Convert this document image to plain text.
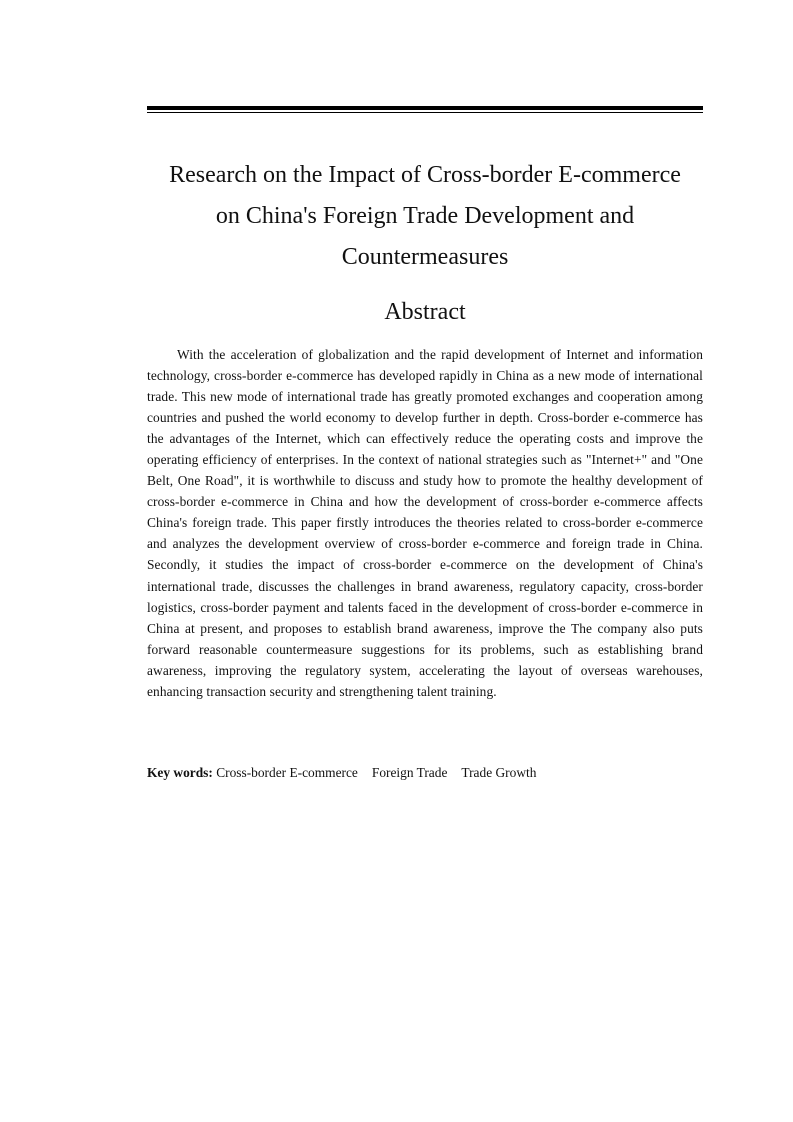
Research on the Impact of Cross-border E-commerce
on China's Foreign Trade Development and
Countermeasures
Abstract

With the acceleration of globalization and the rapid development of Internet and information technology, cross-border e-commerce has developed rapidly in China as a new mode of international trade. This new mode of international trade has greatly promoted exchanges and cooperation among countries and pushed the world economy to develop further in depth. Cross-border e-commerce has the advantages of the Internet, which can effectively reduce the operating costs and improve the operating efficiency of enterprises. In the context of national strategies such as "Internet+" and "One Belt, One Road", it is worthwhile to discuss and study how to promote the healthy development of cross-border e-commerce in China and how the development of cross-border e-commerce affects China's foreign trade. This paper firstly introduces the theories related to cross-border e-commerce and analyzes the development overview of cross-border e-commerce and foreign trade in China. Secondly, it studies the impact of cross-border e-commerce on the development of China's international trade, discusses the challenges in brand awareness, regulatory capacity, cross-border logistics, cross-border payment and talents faced in the development of cross-border e-commerce in China at present, and proposes to establish brand awareness, improve the The company also puts forward reasonable countermeasure suggestions for its problems, such as establishing brand awareness, improving the regulatory system, accelerating the layout of overseas warehouses, enhancing transaction security and strengthening talent training.

Key words: Cross-border E-commerce Foreign Trade Trade Growth
